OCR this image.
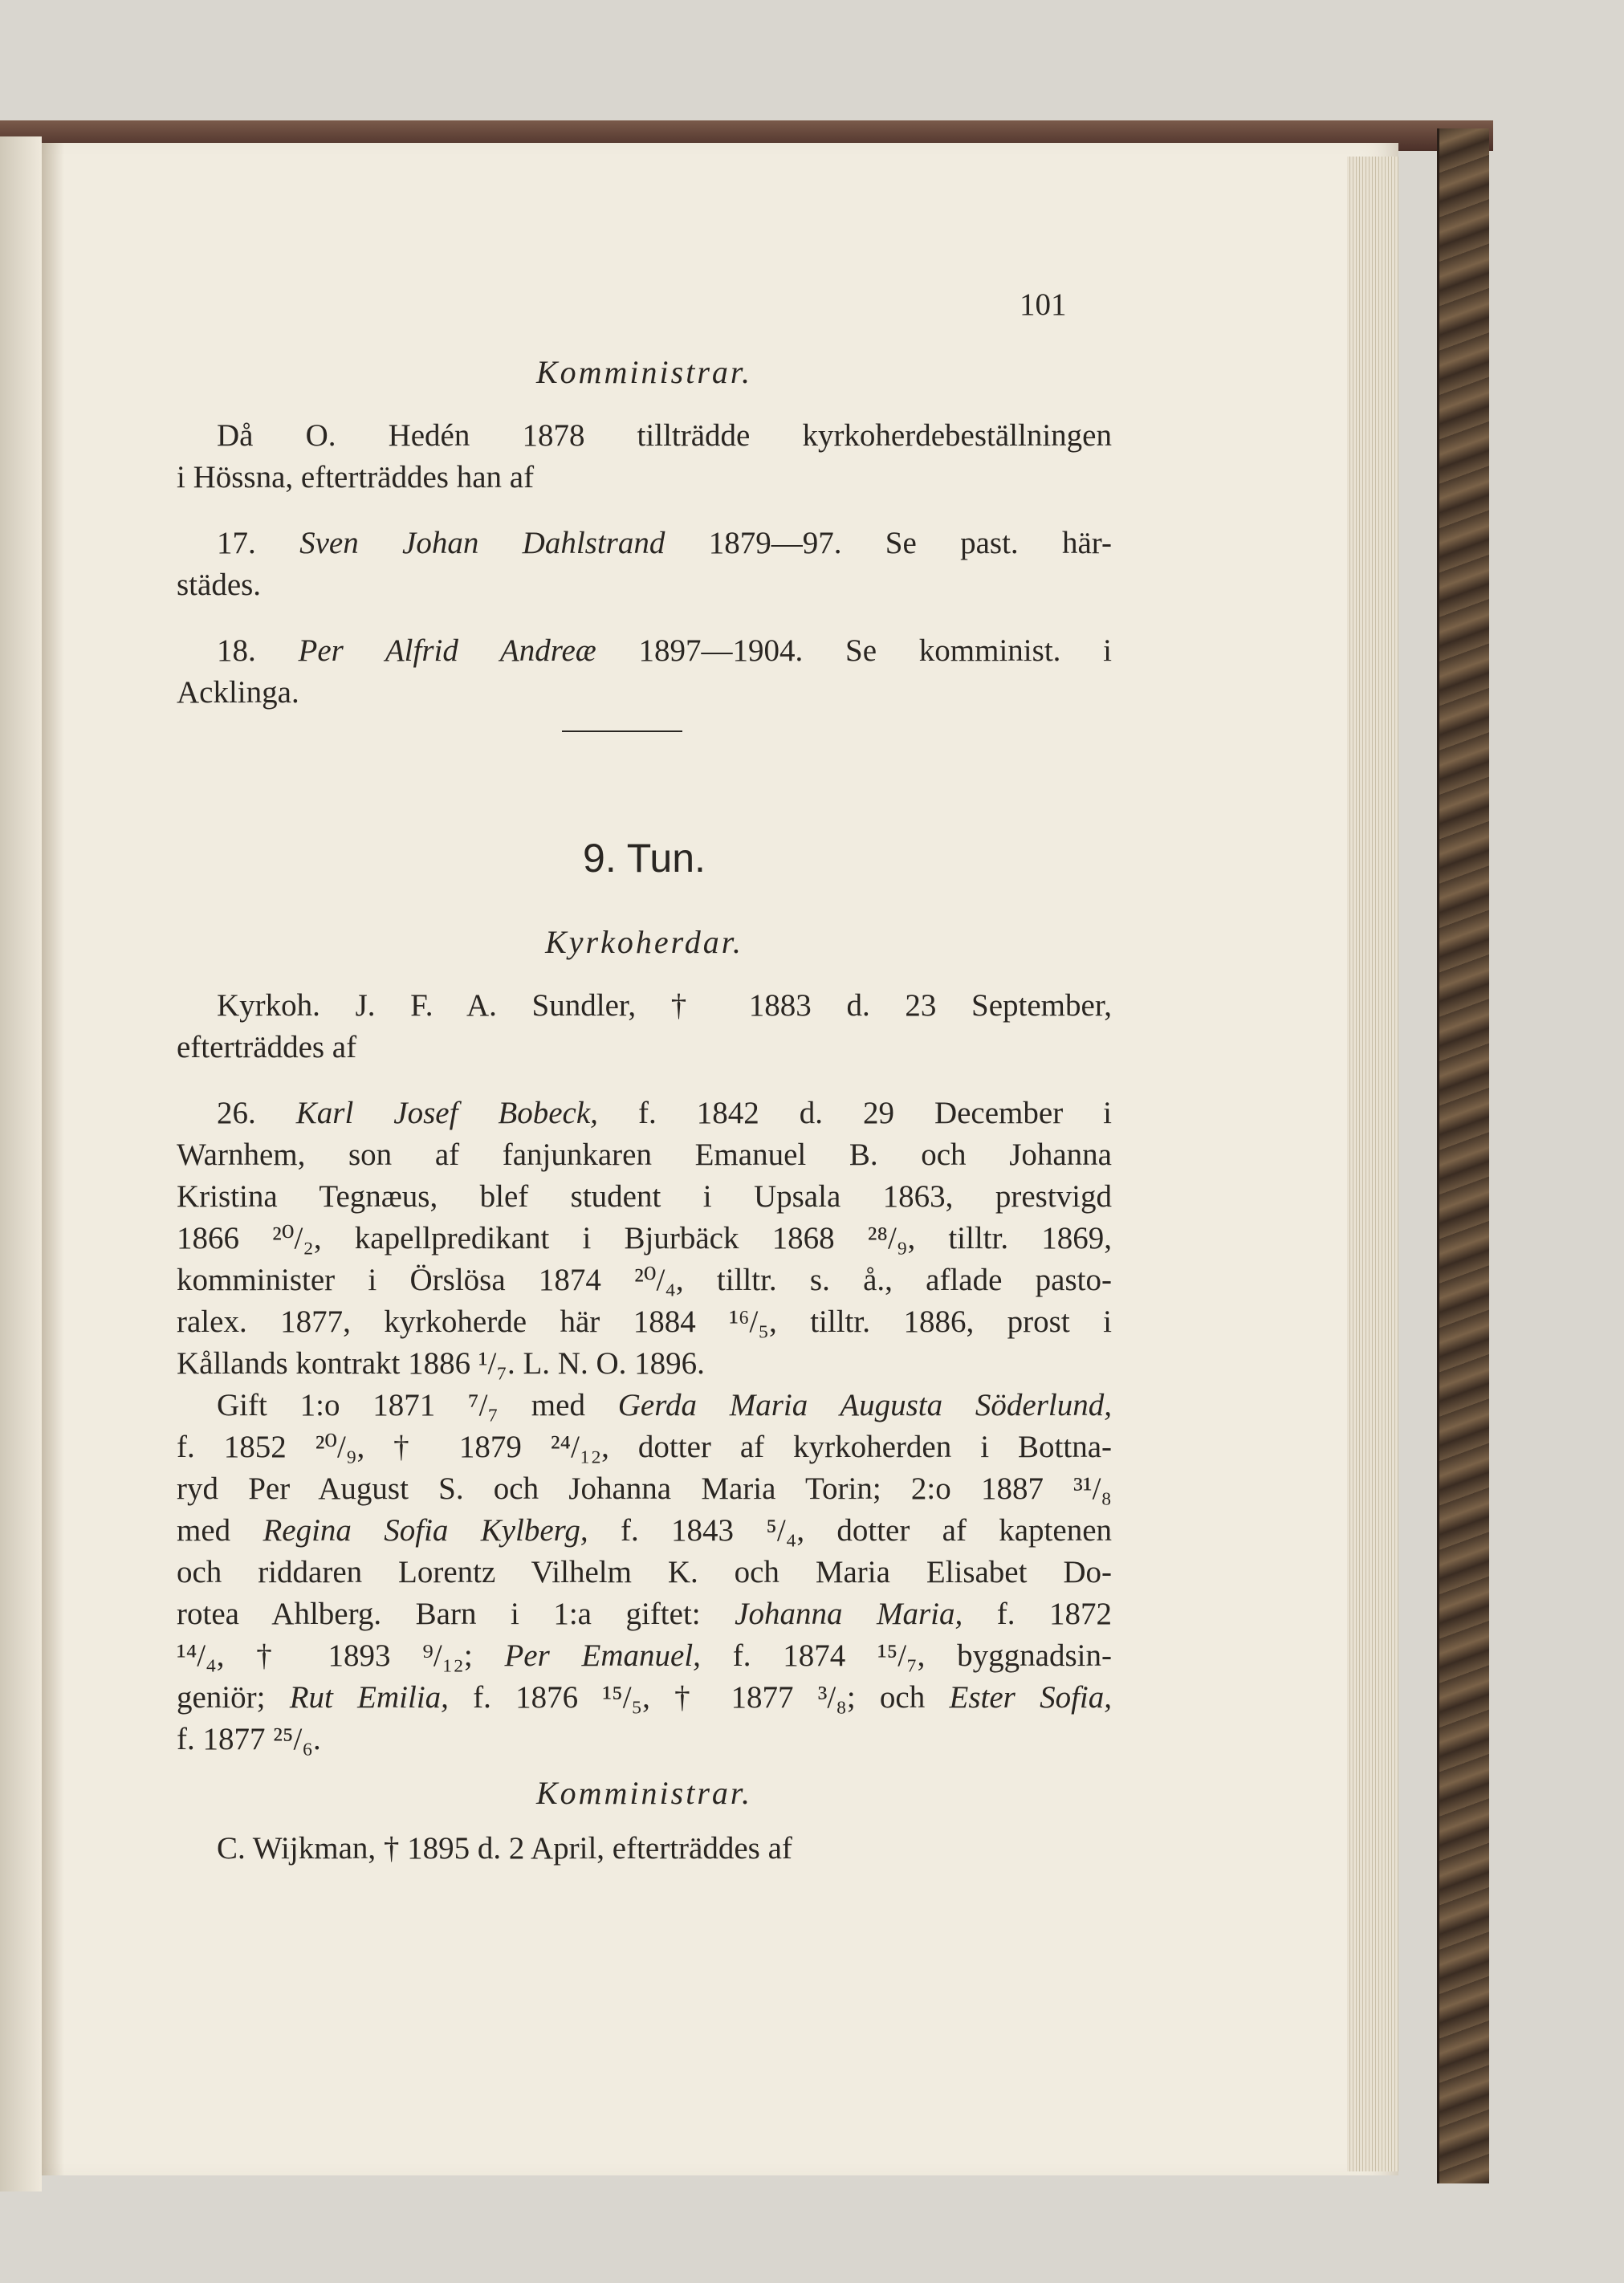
101
Komministrar.
Då O. Hedén 1878 tillträdde kyrkoherdebeställningen
i Hössna, efterträddes han af
17. Sven Johan Dahlstrand 1879—97. Se past. här-
städes.
18. Per Alfrid Andreæ 1897—1904. Se komminist. i
Acklinga.
9. Tun.
Kyrkoherdar.
Kyrkoh. J. F. A. Sundler, † 1883 d. 23 September,
efterträddes af
26. Karl Josef Bobeck, f. 1842 d. 29 December i
Warnhem, son af fanjunkaren Emanuel B. och Johanna
Kristina Tegnæus, blef student i Upsala 1863, prestvigd
1866 ²⁰/₂, kapellpredikant i Bjurbäck 1868 ²⁸/₉, tilltr. 1869,
komminister i Örslösa 1874 ²⁰/₄, tilltr. s. å., aflade pasto-
ralex. 1877, kyrkoherde här 1884 ¹⁶/₅, tilltr. 1886, prost i
Kållands kontrakt 1886 ¹/₇. L. N. O. 1896.
Gift 1:o 1871 ⁷/₇ med Gerda Maria Augusta Söderlund,
f. 1852 ²⁰/₉, † 1879 ²⁴/₁₂, dotter af kyrkoherden i Bottna-
ryd Per August S. och Johanna Maria Torin; 2:o 1887 ³¹/₈
med Regina Sofia Kylberg, f. 1843 ⁵/₄, dotter af kaptenen
och riddaren Lorentz Vilhelm K. och Maria Elisabet Do-
rotea Ahlberg. Barn i 1:a giftet: Johanna Maria, f. 1872
¹⁴/₄, † 1893 ⁹/₁₂; Per Emanuel, f. 1874 ¹⁵/₇, byggnadsin-
geniör; Rut Emilia, f. 1876 ¹⁵/₅, † 1877 ³/₈; och Ester Sofia,
f. 1877 ²⁵/₆.
Komministrar.
C. Wijkman, † 1895 d. 2 April, efterträddes af
